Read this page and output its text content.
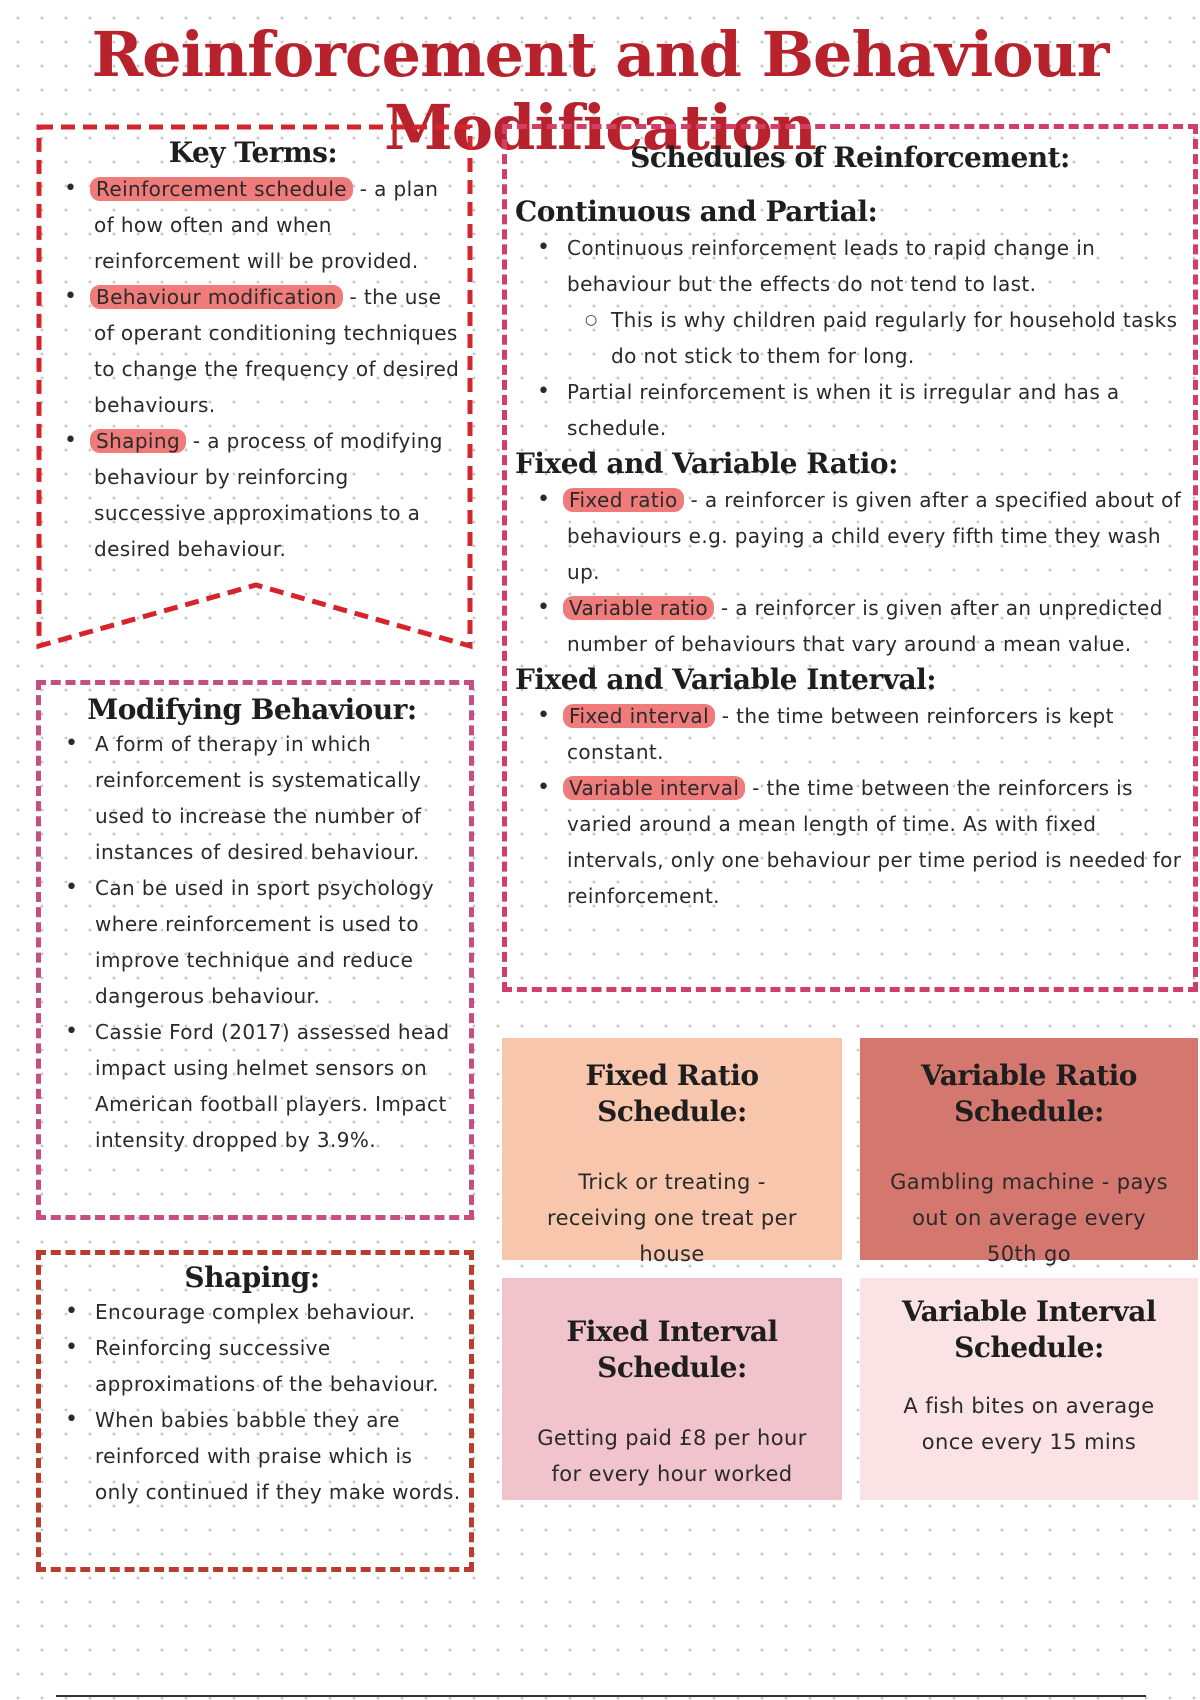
Reinforcement and Behaviour Modification
Key Terms:
• Reinforcement schedule - a plan of how often and when reinforcement will be provided.
• Behaviour modification - the use of operant conditioning techniques to change the frequency of desired behaviours.
• Shaping - a process of modifying behaviour by reinforcing successive approximations to a desired behaviour.
Modifying Behaviour:
• A form of therapy in which reinforcement is systematically used to increase the number of instances of desired behaviour.
• Can be used in sport psychology where reinforcement is used to improve technique and reduce dangerous behaviour.
• Cassie Ford (2017) assessed head impact using helmet sensors on American football players. Impact intensity dropped by 3.9%.
Shaping:
• Encourage complex behaviour.
• Reinforcing successive approximations of the behaviour.
• When babies babble they are reinforced with praise which is only continued if they make words.
Schedules of Reinforcement:
Continuous and Partial:
• Continuous reinforcement leads to rapid change in behaviour but the effects do not tend to last.
○ This is why children paid regularly for household tasks do not stick to them for long.
• Partial reinforcement is when it is irregular and has a schedule.
Fixed and Variable Ratio:
• Fixed ratio - a reinforcer is given after a specified about of behaviours e.g. paying a child every fifth time they wash up.
• Variable ratio - a reinforcer is given after an unpredicted number of behaviours that vary around a mean value.
Fixed and Variable Interval:
• Fixed interval - the time between reinforcers is kept constant.
• Variable interval - the time between the reinforcers is varied around a mean length of time. As with fixed intervals, only one behaviour per time period is needed for reinforcement.
Fixed Ratio Schedule:

Trick or treating - receiving one treat per house

Variable Ratio Schedule:

Gambling machine - pays out on average every 50th go

Fixed Interval Schedule:

Getting paid £8 per hour for every hour worked

Variable Interval Schedule:

A fish bites on average once every 15 mins
